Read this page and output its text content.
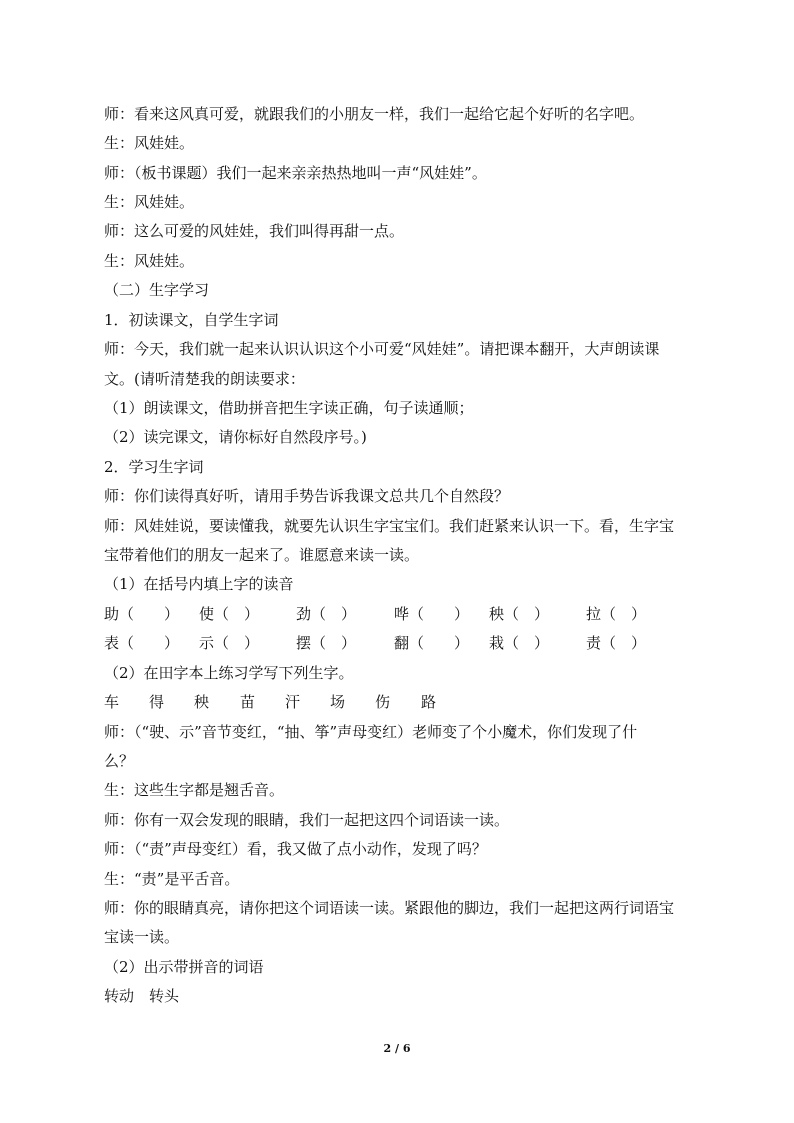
师：看来这风真可爱，就跟我们的小朋友一样，我们一起给它起个好听的名字吧。
生：风娃娃。
师：（板书课题）我们一起来亲亲热热地叫一声“风娃娃”。
生：风娃娃。
师：这么可爱的风娃娃，我们叫得再甜一点。
生：风娃娃。
（二）生字学习
1．初读课文，自学生字词
师：今天，我们就一起来认识认识这个小可爱“风娃娃”。请把课本翻开，大声朗读课
文。(请听清楚我的朗读要求：
（1）朗读课文，借助拼音把生字读正确，句子读通顺；
（2）读完课文，请你标好自然段序号。)
2．学习生字词
师：你们读得真好听，请用手势告诉我课文总共几个自然段？
师：风娃娃说，要读懂我，就要先认识生字宝宝们。我们赶紧来认识一下。看，生字宝
宝带着他们的朋友一起来了。谁愿意来读一读。
（1）在括号内填上字的读音
助（　　） 使（　） 劲（　）	哗（　　） 秧（　） 拉（　）
表（　　） 示（　） 摆（　）	翻（　　） 栽（　） 责（　）
（2）在田字本上练习学写下列生字。
车 得 秧 苗 汗 场 伤 路
师：（“驶、示”音节变红，“抽、筝”声母变红）老师变了个小魔术，你们发现了什
么？
生：这些生字都是翘舌音。
师：你有一双会发现的眼睛，我们一起把这四个词语读一读。
师：（“责”声母变红）看，我又做了点小动作，发现了吗？
生：“责”是平舌音。
师：你的眼睛真亮，请你把这个词语读一读。紧跟他的脚边，我们一起把这两行词语宝
宝读一读。
（2）出示带拼音的词语
转动　转头
2 / 6
